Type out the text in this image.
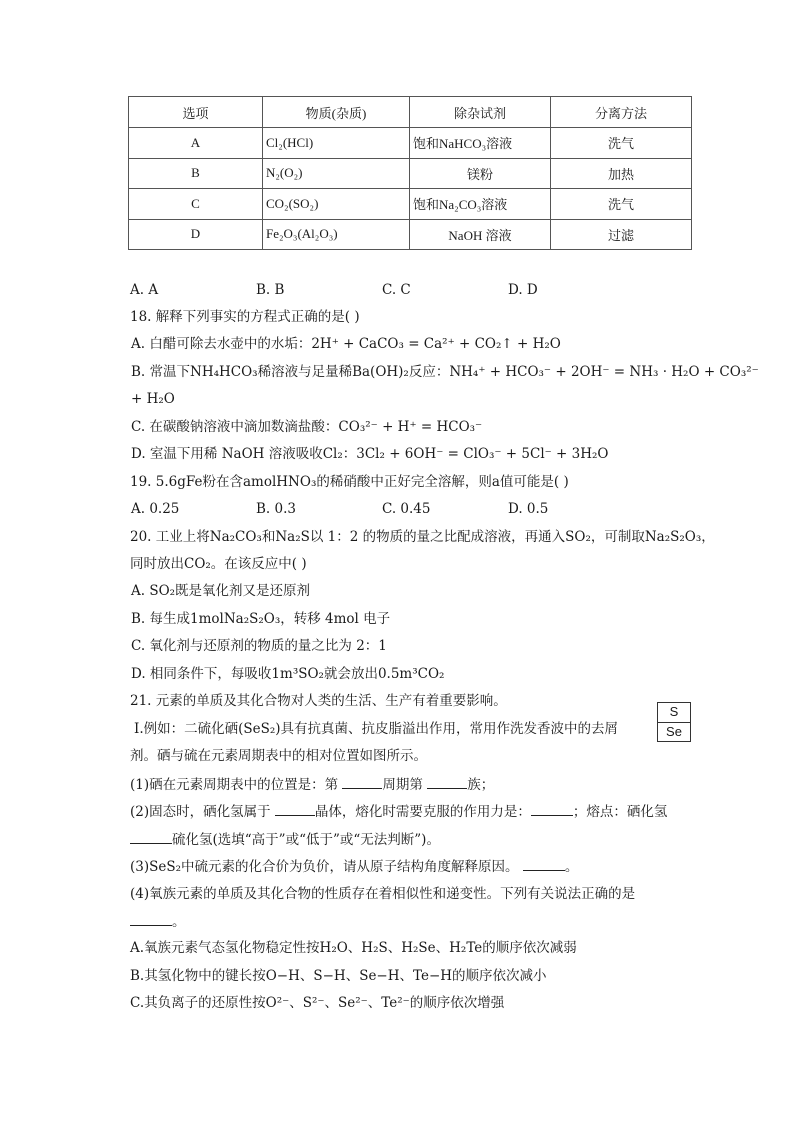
选项	物质(杂质)	除杂试剂	分离方法
A	Cl₂(HCl)	饱和NaHCO₃溶液	洗气
B	N₂(O₂)	镁粉	加热
C	CO₂(SO₂)	饱和Na₂CO₃溶液	洗气
D	Fe₂O₃(Al₂O₃)	NaOH 溶液	过滤
A. A	B. B	C. C	D. D
18. 解释下列事实的方程式正确的是( )
A. 白醋可除去水壶中的水垢：2H⁺ + CaCO₃ = Ca²⁺ + CO₂↑ + H₂O
B. 常温下NH₄HCO₃稀溶液与足量稀Ba(OH)₂反应：NH₄⁺ + HCO₃⁻ + 2OH⁻ = NH₃ · H₂O + CO₃²⁻
+ H₂O
C. 在碳酸钠溶液中滴加数滴盐酸：CO₃²⁻ + H⁺ = HCO₃⁻
D. 室温下用稀 NaOH 溶液吸收Cl₂：3Cl₂ + 6OH⁻ = ClO₃⁻ + 5Cl⁻ + 3H₂O
19. 5.6gFe粉在含amolHNO₃的稀硝酸中正好完全溶解，则a值可能是( )
A. 0.25	B. 0.3	C. 0.45	D. 0.5
20. 工业上将Na₂CO₃和Na₂S以 1：2 的物质的量之比配成溶液，再通入SO₂，可制取Na₂S₂O₃，
同时放出CO₂。在该反应中( )
A. SO₂既是氧化剂又是还原剂
B. 每生成1molNa₂S₂O₃，转移 4mol 电子
C. 氧化剂与还原剂的物质的量之比为 2：1
D. 相同条件下，每吸收1m³SO₂就会放出0.5m³CO₂
21. 元素的单质及其化合物对人类的生活、生产有着重要影响。
Ⅰ.例如：二硫化硒(SeS₂)具有抗真菌、抗皮脂溢出作用，常用作洗发香波中的去屑
剂。硒与硫在元素周期表中的相对位置如图所示。
S
Se
(1)硒在元素周期表中的位置是：第	周期第	族；
(2)固态时，硒化氢属于	晶体，熔化时需要克服的作用力是：	；熔点：硒化氢
硫化氢(选填“高于”或“低于”或“无法判断”)。
(3)SeS₂中硫元素的化合价为负价，请从原子结构角度解释原因。	。
(4)氧族元素的单质及其化合物的性质存在着相似性和递变性。下列有关说法正确的是
。
A.氧族元素气态氢化物稳定性按H₂O、H₂S、H₂Se、H₂Te的顺序依次减弱
B.其氢化物中的键长按O−H、S−H、Se−H、Te−H的顺序依次减小
C.其负离子的还原性按O²⁻、S²⁻、Se²⁻、Te²⁻的顺序依次增强
